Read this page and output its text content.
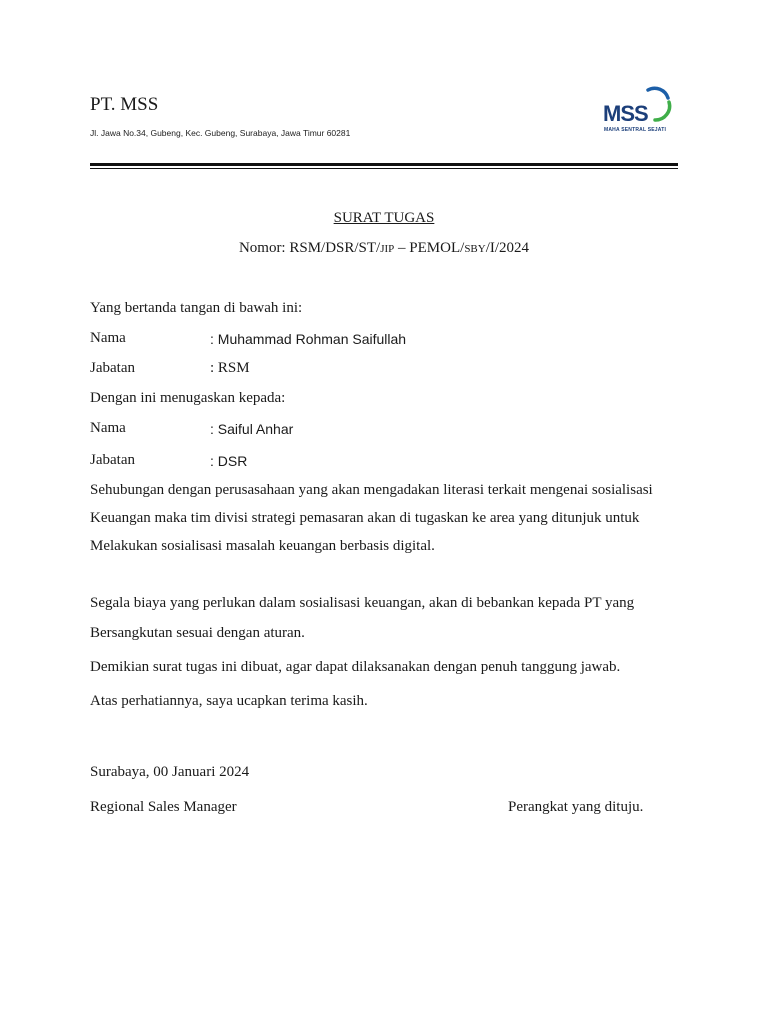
PT. MSS
Jl. Jawa No.34, Gubeng, Kec. Gubeng, Surabaya, Jawa Timur 60281
MSS
MAHA SENTRAL SEJATI
SURAT TUGAS
Nomor: RSM/DSR/ST/JIP – PEMOL/SBY/I/2024
Yang bertanda tangan di bawah ini:
Nama	: Muhammad Rohman Saifullah
Jabatan	: RSM
Dengan ini menugaskan kepada:
Nama	: Saiful Anhar
Jabatan	: DSR
Sehubungan dengan perusasahaan yang akan mengadakan literasi terkait mengenai sosialisasi
Keuangan maka tim divisi strategi pemasaran akan di tugaskan ke area yang ditunjuk untuk
Melakukan sosialisasi masalah keuangan berbasis digital.
Segala biaya yang perlukan dalam sosialisasi keuangan, akan di bebankan kepada PT yang
Bersangkutan sesuai dengan aturan.
Demikian surat tugas ini dibuat, agar dapat dilaksanakan dengan penuh tanggung jawab.
Atas perhatiannya, saya ucapkan terima kasih.
Surabaya, 00 Januari 2024
Regional Sales Manager	Perangkat yang dituju.
